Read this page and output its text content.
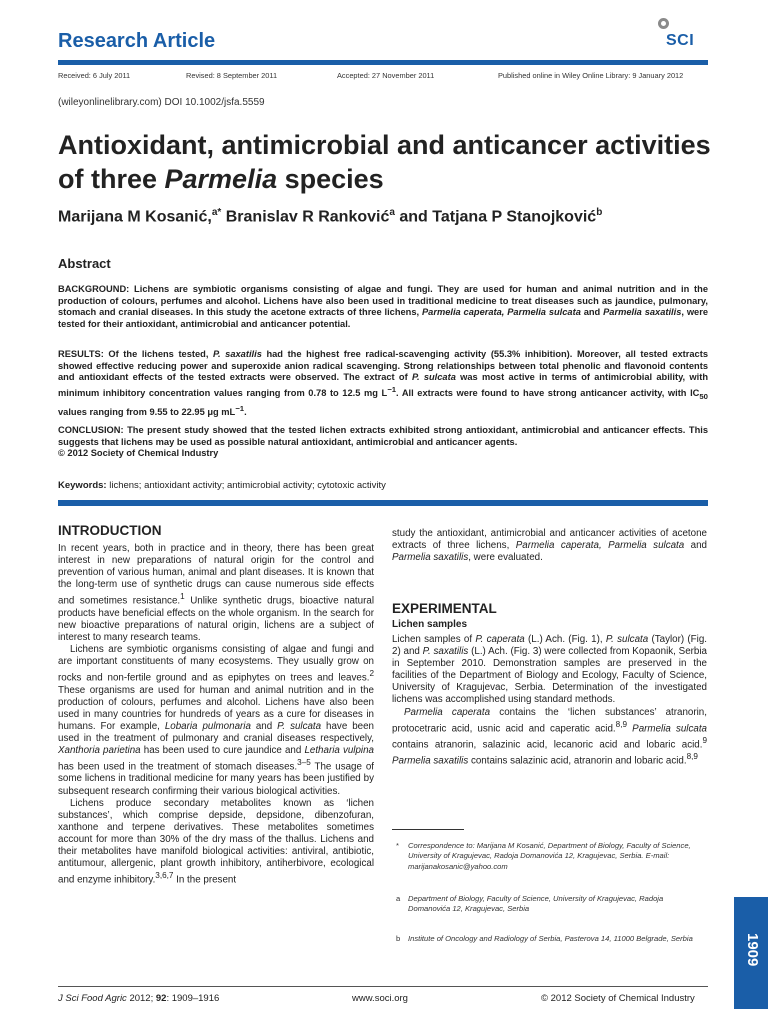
Research Article	SCI
Received: 6 July 2011	Revised: 8 September 2011	Accepted: 27 November 2011	Published online in Wiley Online Library: 9 January 2012
(wileyonlinelibrary.com) DOI 10.1002/jsfa.5559
Antioxidant, antimicrobial and anticancer activities of three Parmelia species
Marijana M Kosanić,$^{a*}$ Branislav R Ranković$^a$ and Tatjana P Stanojković$^b$
Abstract
BACKGROUND: Lichens are symbiotic organisms consisting of algae and fungi. They are used for human and animal nutrition and in the production of colours, perfumes and alcohol. Lichens have also been used in traditional medicine to treat diseases such as jaundice, pulmonary, stomach and cranial diseases. In this study the acetone extracts of three lichens, Parmelia caperata, Parmelia sulcata and Parmelia saxatilis, were tested for their antioxidant, antimicrobial and anticancer potential.
RESULTS: Of the lichens tested, P. saxatilis had the highest free radical-scavenging activity (55.3% inhibition). Moreover, all tested extracts showed effective reducing power and superoxide anion radical scavenging. Strong relationships between total phenolic and flavonoid contents and antioxidant effects of the tested extracts were observed. The extract of P. sulcata was most active in terms of antimicrobial ability, with minimum inhibitory concentration values ranging from 0.78 to 12.5 mg $L^{-1}$. All extracts were found to have strong anticancer activity, with $IC_{50}$ values ranging from 9.55 to 22.95 μg $mL^{-1}$.
CONCLUSION: The present study showed that the tested lichen extracts exhibited strong antioxidant, antimicrobial and anticancer effects. This suggests that lichens may be used as possible natural antioxidant, antimicrobial and anticancer agents.
© 2012 Society of Chemical Industry
Keywords: lichens; antioxidant activity; antimicrobial activity; cytotoxic activity
INTRODUCTION
In recent years, both in practice and in theory, there has been great interest in new preparations of natural origin for the control and prevention of various human, animal and plant diseases. It is known that the long-term use of synthetic drugs can cause numerous side effects and sometimes resistance.$^1$ Unlike synthetic drugs, bioactive natural products have beneficial effects on the whole organism. In the search for new bioactive preparations of natural origin, lichens are a subject of interest to many research teams.
Lichens are symbiotic organisms consisting of algae and fungi and are important constituents of many ecosystems. They usually grow on rocks and non-fertile ground and as epiphytes on trees and leaves.$^2$ These organisms are used for human and animal nutrition and in the production of colours, perfumes and alcohol. Lichens have also been used in many countries for hundreds of years as a cure for diseases in humans. For example, Lobaria pulmonaria and P. sulcata have been used in the treatment of pulmonary and cranial diseases respectively, Xanthoria parietina has been used to cure jaundice and Letharia vulpina has been used in the treatment of stomach diseases.$^{3-5}$ The usage of some lichens in traditional medicine for many years has been justified by subsequent research confirming their various biological activities.
Lichens produce secondary metabolites known as ‘lichen substances’, which comprise depside, depsidone, dibenzofuran, xanthone and terpene derivatives. These metabolites sometimes account for more than 30% of the dry mass of the thallus. Lichens and their metabolites have manifold biological activities: antiviral, antibiotic, antitumour, allergenic, plant growth inhibitory, antiherbivore, ecological and enzyme inhibitory.$^{3,6,7}$ In the present
study the antioxidant, antimicrobial and anticancer activities of acetone extracts of three lichens, Parmelia caperata, Parmelia sulcata and Parmelia saxatilis, were evaluated.
EXPERIMENTAL
Lichen samples
Lichen samples of P. caperata (L.) Ach. (Fig. 1), P. sulcata (Taylor) (Fig. 2) and P. saxatilis (L.) Ach. (Fig. 3) were collected from Kopaonik, Serbia in September 2010. Demonstration samples are preserved in the facilities of the Department of Biology and Ecology, Faculty of Science, University of Kragujevac, Serbia. Determination of the investigated lichens was accomplished using standard methods.
Parmelia caperata contains the ‘lichen substances’ atranorin, protocetraric acid, usnic acid and caperatic acid.$^{8,9}$ Parmelia sulcata contains atranorin, salazinic acid, lecanoric acid and lobaric acid.$^9$ Parmelia saxatilis contains salazinic acid, atranorin and lobaric acid.$^{8,9}$
* Correspondence to: Marijana M Kosanić, Department of Biology, Faculty of Science, University of Kragujevac, Radoja Domanovića 12, Kragujevac, Serbia. E-mail: marijanakosanic@yahoo.com
a Department of Biology, Faculty of Science, University of Kragujevac, Radoja Domanovića 12, Kragujevac, Serbia
b Institute of Oncology and Radiology of Serbia, Pasterova 14, 11000 Belgrade, Serbia
J Sci Food Agric 2012; 92: 1909–1916	www.soci.org	© 2012 Society of Chemical Industry
1909
